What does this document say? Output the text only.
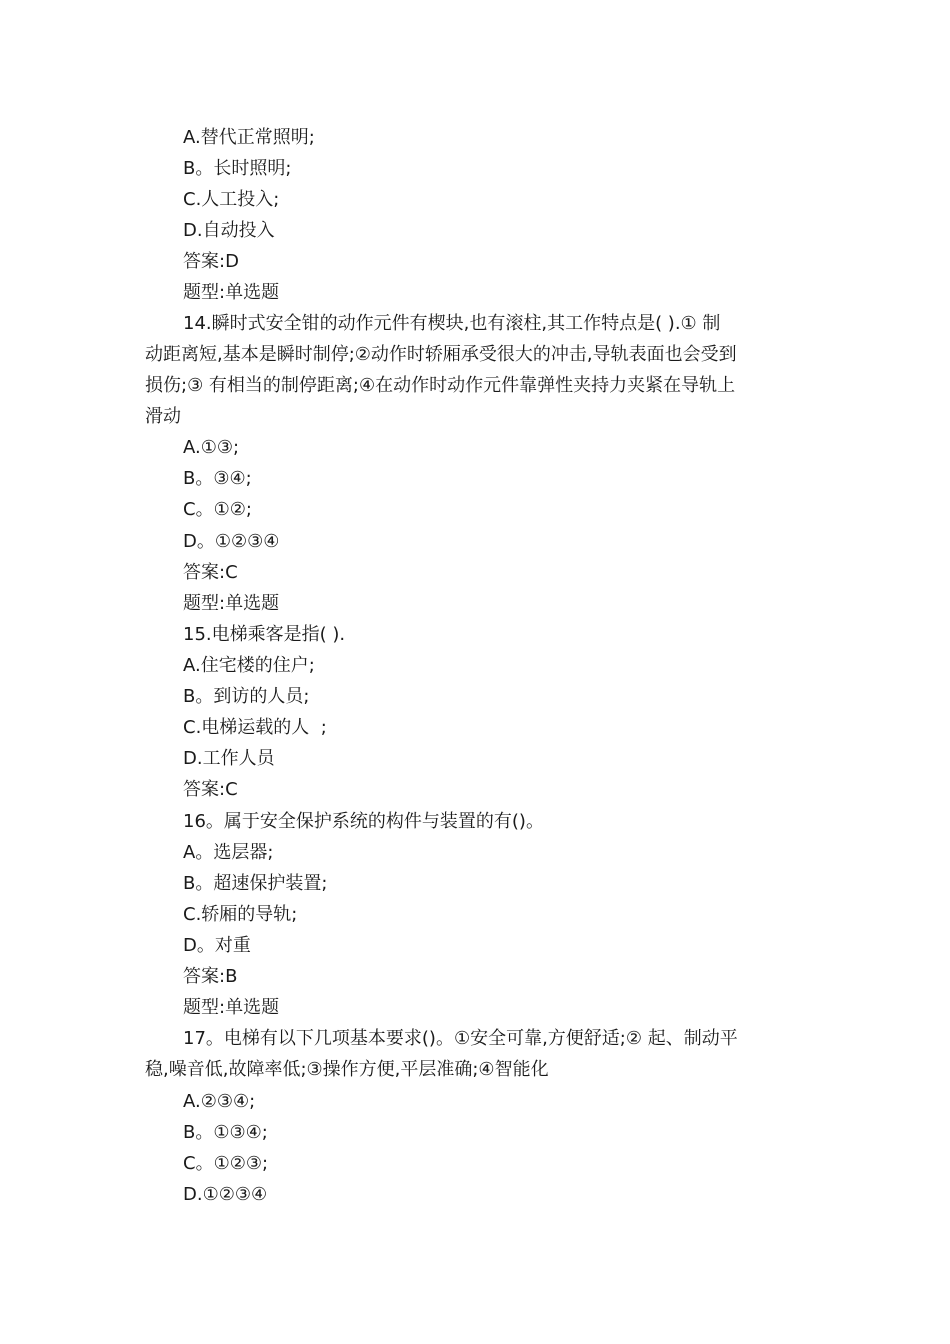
A.替代正常照明;
B。长时照明;
C.人工投入;
D.自动投入
答案:D
题型:单选题
14.瞬时式安全钳的动作元件有楔块,也有滚柱,其工作特点是( ).① 制
动距离短,基本是瞬时制停;②动作时轿厢承受很大的冲击,导轨表面也会受到
损伤;③ 有相当的制停距离;④在动作时动作元件靠弹性夹持力夹紧在导轨上
滑动
A.①③;
B。③④;
C。①②;
D。①②③④
答案:C
题型:单选题
15.电梯乘客是指( ).
A.住宅楼的住户;
B。到访的人员;
C.电梯运载的人  ;
D.工作人员
答案:C
16。属于安全保护系统的构件与装置的有()。
A。选层器;
B。超速保护装置;
C.轿厢的导轨;
D。对重
答案:B
题型:单选题
17。电梯有以下几项基本要求()。①安全可靠,方便舒适;② 起、制动平
稳,噪音低,故障率低;③操作方便,平层准确;④智能化
A.②③④;
B。①③④;
C。①②③;
D.①②③④
